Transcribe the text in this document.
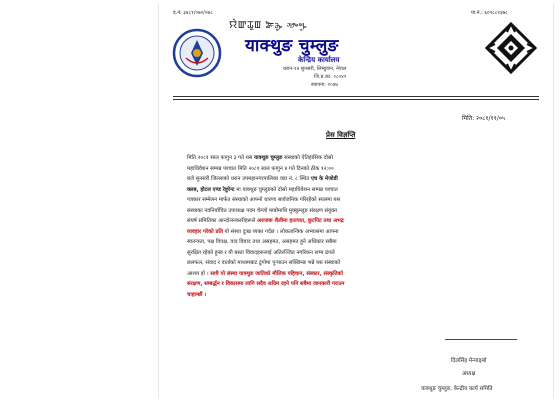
द.नं: ३४८१/०७०/०७८	पा.नं.: ६०९८८२३७८
ꯌꯥꯛꯊꯨꯡ ᤕᤠᤰᤌᤢᤱ ᤆᤣᤴᤗᤢᤱ
याक्थुङ चुम्लुङ
केन्द्रिय कार्यालय
धरान-१४ सुनसरी, लिम्बुवान, नेपाल
जि.प्र.का. ०८०४९
स्थापना: २०४७
मिति: २०८१/११/०५
प्रेस विज्ञप्ति

मिति २०८१ साल फागुन ३ गते यस याक्थुङ चुम्लुङ संस्थाको ऐतिहासिक दोस्रो

महाधिवेशन सम्पन्न पश्चात मिति २०८१ साल फागुन ४ गते दिनको ठीक १२:००

बजे सुनसरी जिल्लाको धरान उपमहानगरपालिका वडा नं. ८ स्थित एच के मेजोडी

क्लब, होटल एण्ड रेष्टुरेन्ट मा याक्थुङ चुम्लुङको दोस्रो महाधिवेशन सम्पन्न पश्चात

पत्रकार सम्मेलन मार्फत संस्थाको आफ्नो धारणा सार्वजनिक गरिरहेको स्थलमा यस

संस्थाका नवनिर्वाचित उपाध्यक्ष पदम चेम्जो माबोमाथि मुक्कुम्लुङ संरक्षण संयुक्त

संघर्ष समितिका आन्दोलनकारीहरूले अराजक शैलीमा हातपात, कुटपिट तथा अभद्र

व्यवहार गरेको प्रति यो संस्था दुःख व्यक्त गर्दछ । लोकतान्त्रिक अभ्यासमा आफ्ना

स्वतन्त्रता, पक्ष विपक्ष, वाद विवाद तथा असहमत, असहमत हुने अधिकार सबैमा

सुरक्षित रहेको हुन्छ र यी बस्ता विवादहरूलाई अतिरञ्जित नगरिकन सभ्य ढंगले

छलफल, संवाद र वार्ताको माध्यमबाट टुंगोमा पुऱ्याउन सक्छिन्छ भन्ने यस संस्थाको

आशय हो । साथै यो संस्था याक्थुङ जातिको मौलिक पहिचान, संस्कार, संस्कृतिको

संरक्षण, सम्बर्द्धन र विकासमा लागि सदैव अग्रिम रहने पनि सबैमा जानकारी गराउन

चाहान्छौं ।

दिलसिंह मेन्याङ्बो
अध्यक्ष
याक्थुङ चुम्लुङ, केन्द्रीय कार्य समिति
